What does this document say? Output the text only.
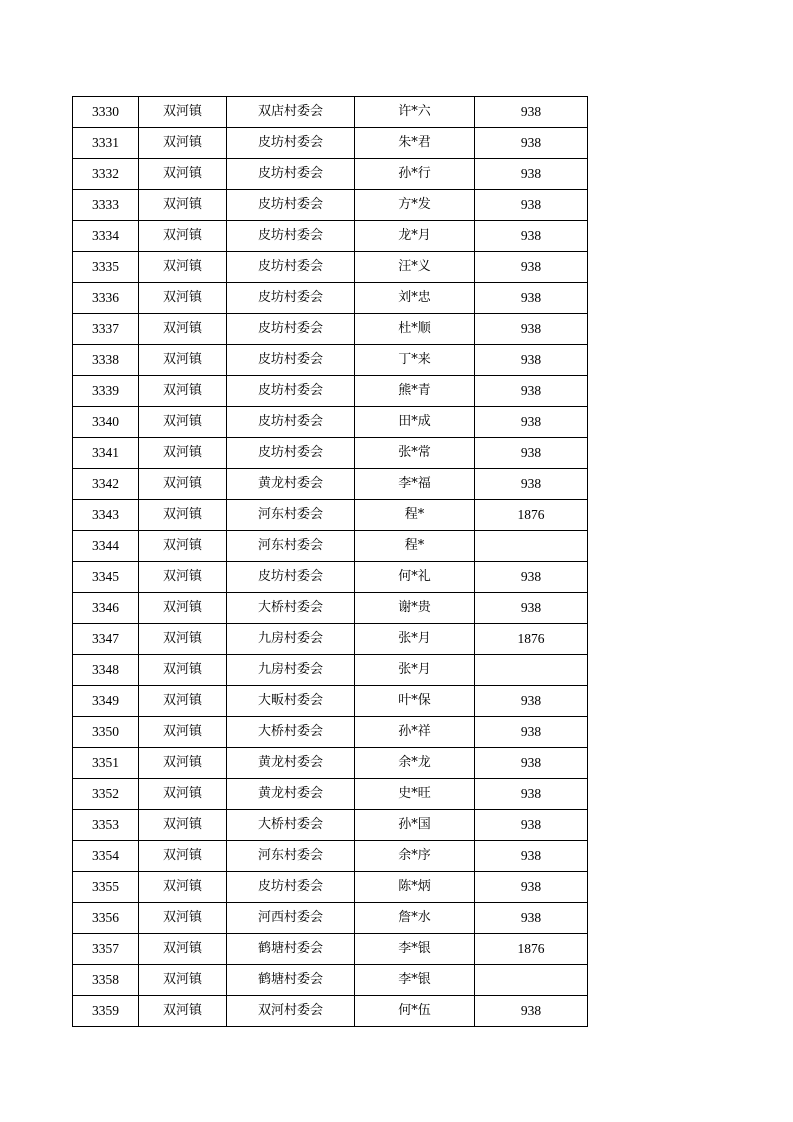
3330	双河镇	双店村委会	许*六	938
3331	双河镇	皮坊村委会	朱*君	938
3332	双河镇	皮坊村委会	孙*行	938
3333	双河镇	皮坊村委会	方*发	938
3334	双河镇	皮坊村委会	龙*月	938
3335	双河镇	皮坊村委会	汪*义	938
3336	双河镇	皮坊村委会	刘*忠	938
3337	双河镇	皮坊村委会	杜*顺	938
3338	双河镇	皮坊村委会	丁*来	938
3339	双河镇	皮坊村委会	熊*青	938
3340	双河镇	皮坊村委会	田*成	938
3341	双河镇	皮坊村委会	张*常	938
3342	双河镇	黄龙村委会	李*福	938
3343	双河镇	河东村委会	程*	1876
3344	双河镇	河东村委会	程*	
3345	双河镇	皮坊村委会	何*礼	938
3346	双河镇	大桥村委会	谢*贵	938
3347	双河镇	九房村委会	张*月	1876
3348	双河镇	九房村委会	张*月	
3349	双河镇	大畈村委会	叶*保	938
3350	双河镇	大桥村委会	孙*祥	938
3351	双河镇	黄龙村委会	余*龙	938
3352	双河镇	黄龙村委会	史*旺	938
3353	双河镇	大桥村委会	孙*国	938
3354	双河镇	河东村委会	余*序	938
3355	双河镇	皮坊村委会	陈*炳	938
3356	双河镇	河西村委会	詹*水	938
3357	双河镇	鹤塘村委会	李*银	1876
3358	双河镇	鹤塘村委会	李*银	
3359	双河镇	双河村委会	何*伍	938
